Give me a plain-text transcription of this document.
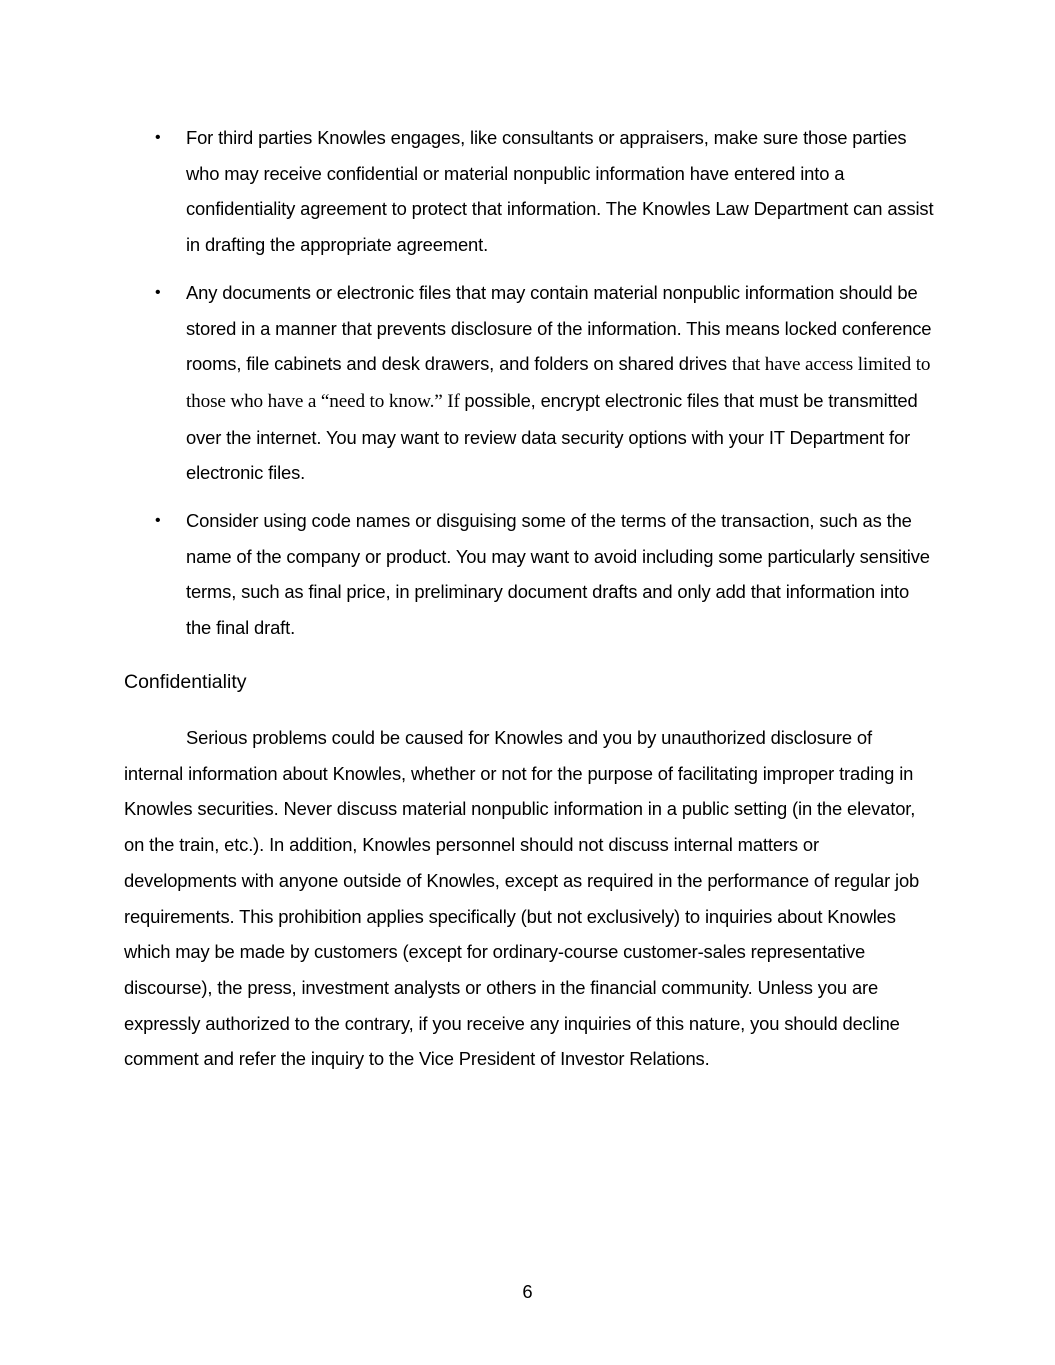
• For third parties Knowles engages, like consultants or appraisers, make sure those parties who may receive confidential or material nonpublic information have entered into a confidentiality agreement to protect that information. The Knowles Law Department can assist in drafting the appropriate agreement.
• Any documents or electronic files that may contain material nonpublic information should be stored in a manner that prevents disclosure of the information. This means locked conference rooms, file cabinets and desk drawers, and folders on shared drives that have access limited to those who have a “need to know.” If possible, encrypt electronic files that must be transmitted over the internet. You may want to review data security options with your IT Department for electronic files.
• Consider using code names or disguising some of the terms of the transaction, such as the name of the company or product. You may want to avoid including some particularly sensitive terms, such as final price, in preliminary document drafts and only add that information into the final draft.
Confidentiality

Serious problems could be caused for Knowles and you by unauthorized disclosure of internal information about Knowles, whether or not for the purpose of facilitating improper trading in Knowles securities. Never discuss material nonpublic information in a public setting (in the elevator, on the train, etc.). In addition, Knowles personnel should not discuss internal matters or developments with anyone outside of Knowles, except as required in the performance of regular job requirements. This prohibition applies specifically (but not exclusively) to inquiries about Knowles which may be made by customers (except for ordinary-course customer-sales representative discourse), the press, investment analysts or others in the financial community. Unless you are expressly authorized to the contrary, if you receive any inquiries of this nature, you should decline comment and refer the inquiry to the Vice President of Investor Relations.

6
